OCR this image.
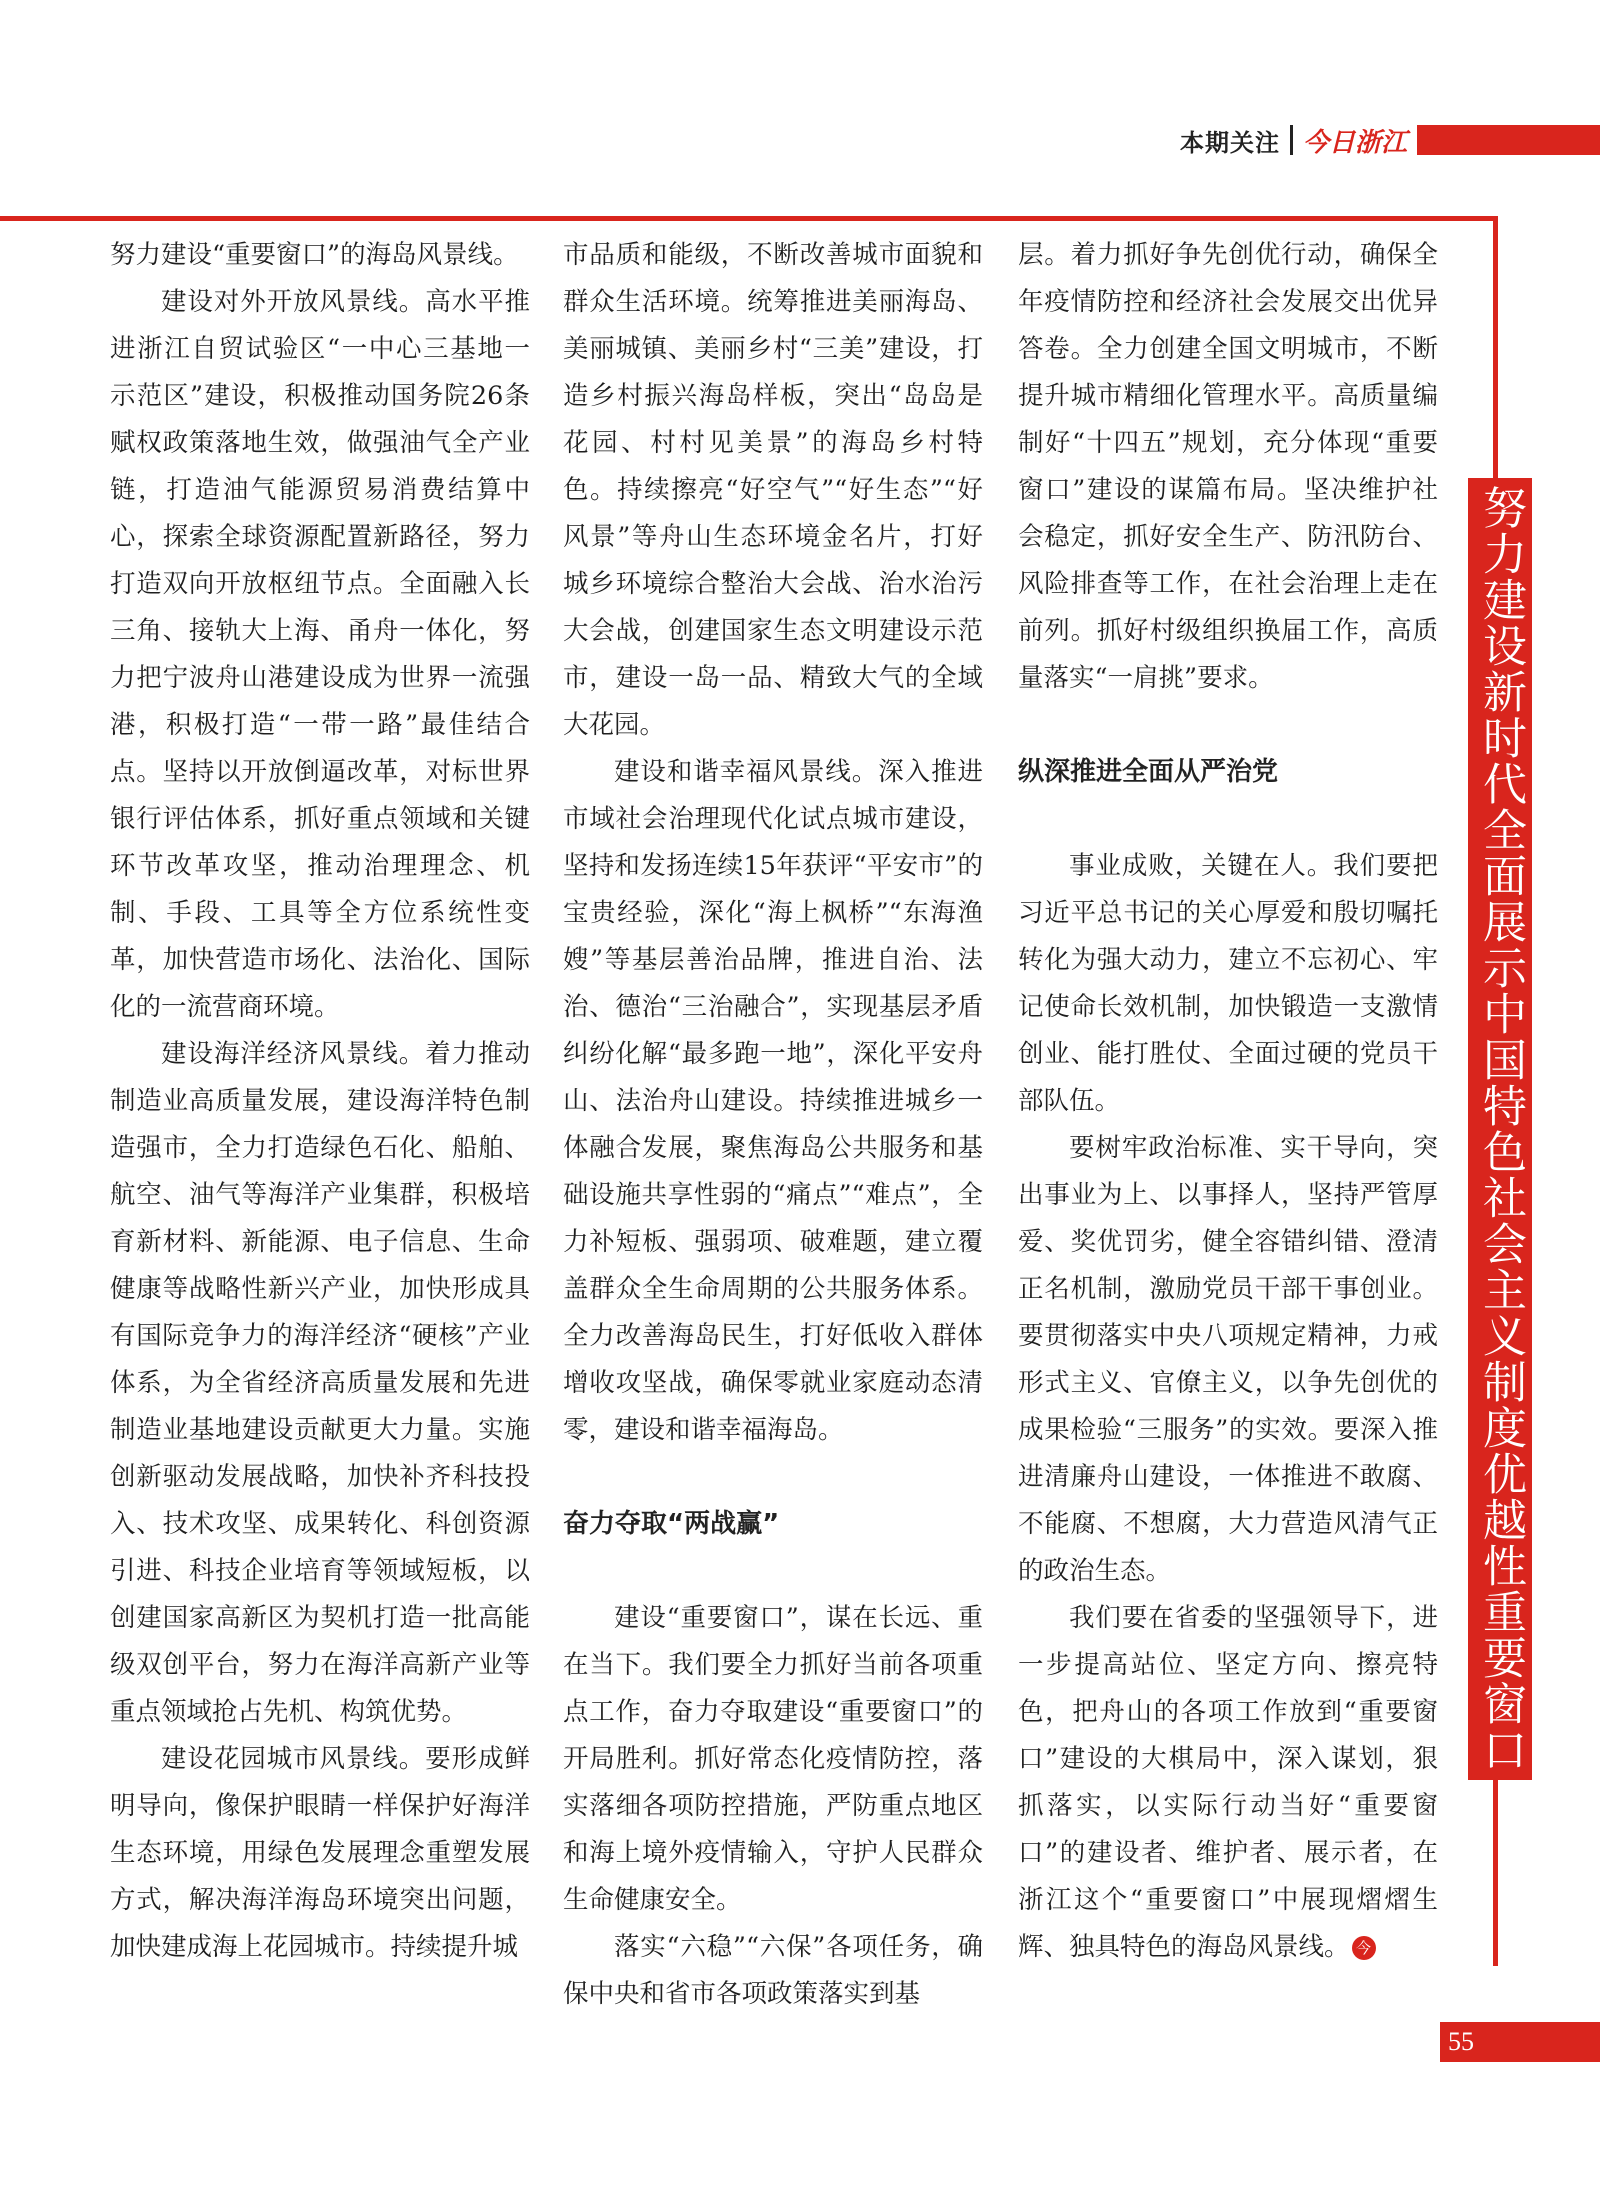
本期关注 今日浙江

努力建设“重要窗口”的海岛风景线。

建设对外开放风景线。高水平推进浙江自贸试验区“一中心三基地一示范区”建设，积极推动国务院26条赋权政策落地生效，做强油气全产业链，打造油气能源贸易消费结算中心，探索全球资源配置新路径，努力打造双向开放枢纽节点。全面融入长三角、接轨大上海、甬舟一体化，努力把宁波舟山港建设成为世界一流强港，积极打造“一带一路”最佳结合点。坚持以开放倒逼改革，对标世界银行评估体系，抓好重点领域和关键环节改革攻坚，推动治理理念、机制、手段、工具等全方位系统性变革，加快营造市场化、法治化、国际化的一流营商环境。

建设海洋经济风景线。着力推动制造业高质量发展，建设海洋特色制造强市，全力打造绿色石化、船舶、航空、油气等海洋产业集群，积极培育新材料、新能源、电子信息、生命健康等战略性新兴产业，加快形成具有国际竞争力的海洋经济“硬核”产业体系，为全省经济高质量发展和先进制造业基地建设贡献更大力量。实施创新驱动发展战略，加快补齐科技投入、技术攻坚、成果转化、科创资源引进、科技企业培育等领域短板，以创建国家高新区为契机打造一批高能级双创平台，努力在海洋高新产业等重点领域抢占先机、构筑优势。

建设花园城市风景线。要形成鲜明导向，像保护眼睛一样保护好海洋生态环境，用绿色发展理念重塑发展方式，解决海洋海岛环境突出问题，加快建成海上花园城市。持续提升城

市品质和能级，不断改善城市面貌和群众生活环境。统筹推进美丽海岛、美丽城镇、美丽乡村“三美”建设，打造乡村振兴海岛样板，突出“岛岛是花园、村村见美景”的海岛乡村特色。持续擦亮“好空气”“好生态”“好风景”等舟山生态环境金名片，打好城乡环境综合整治大会战、治水治污大会战，创建国家生态文明建设示范市，建设一岛一品、精致大气的全域大花园。

建设和谐幸福风景线。深入推进市域社会治理现代化试点城市建设，坚持和发扬连续15年获评“平安市”的宝贵经验，深化“海上枫桥”“东海渔嫂”等基层善治品牌，推进自治、法治、德治“三治融合”，实现基层矛盾纠纷化解“最多跑一地”，深化平安舟山、法治舟山建设。持续推进城乡一体融合发展，聚焦海岛公共服务和基础设施共享性弱的“痛点”“难点”，全力补短板、强弱项、破难题，建立覆盖群众全生命周期的公共服务体系。全力改善海岛民生，打好低收入群体增收攻坚战，确保零就业家庭动态清零，建设和谐幸福海岛。

奋力夺取“两战赢”

建设“重要窗口”，谋在长远、重在当下。我们要全力抓好当前各项重点工作，奋力夺取建设“重要窗口”的开局胜利。抓好常态化疫情防控，落实落细各项防控措施，严防重点地区和海上境外疫情输入，守护人民群众生命健康安全。

落实“六稳”“六保”各项任务，确保中央和省市各项政策落实到基

层。着力抓好争先创优行动，确保全年疫情防控和经济社会发展交出优异答卷。全力创建全国文明城市，不断提升城市精细化管理水平。高质量编制好“十四五”规划，充分体现“重要窗口”建设的谋篇布局。坚决维护社会稳定，抓好安全生产、防汛防台、风险排查等工作，在社会治理上走在前列。抓好村级组织换届工作，高质量落实“一肩挑”要求。

纵深推进全面从严治党

事业成败，关键在人。我们要把习近平总书记的关心厚爱和殷切嘱托转化为强大动力，建立不忘初心、牢记使命长效机制，加快锻造一支激情创业、能打胜仗、全面过硬的党员干部队伍。

要树牢政治标准、实干导向，突出事业为上、以事择人，坚持严管厚爱、奖优罚劣，健全容错纠错、澄清正名机制，激励党员干部干事创业。要贯彻落实中央八项规定精神，力戒形式主义、官僚主义，以争先创优的成果检验“三服务”的实效。要深入推进清廉舟山建设，一体推进不敢腐、不能腐、不想腐，大力营造风清气正的政治生态。

我们要在省委的坚强领导下，进一步提高站位、坚定方向、擦亮特色，把舟山的各项工作放到“重要窗口”建设的大棋局中，深入谋划，狠抓落实，以实际行动当好“重要窗口”的建设者、维护者、展示者，在浙江这个“重要窗口”中展现熠熠生辉、独具特色的海岛风景线。 今

努力建设新时代全面展示中国特色社会主义制度优越性重要窗口
55
